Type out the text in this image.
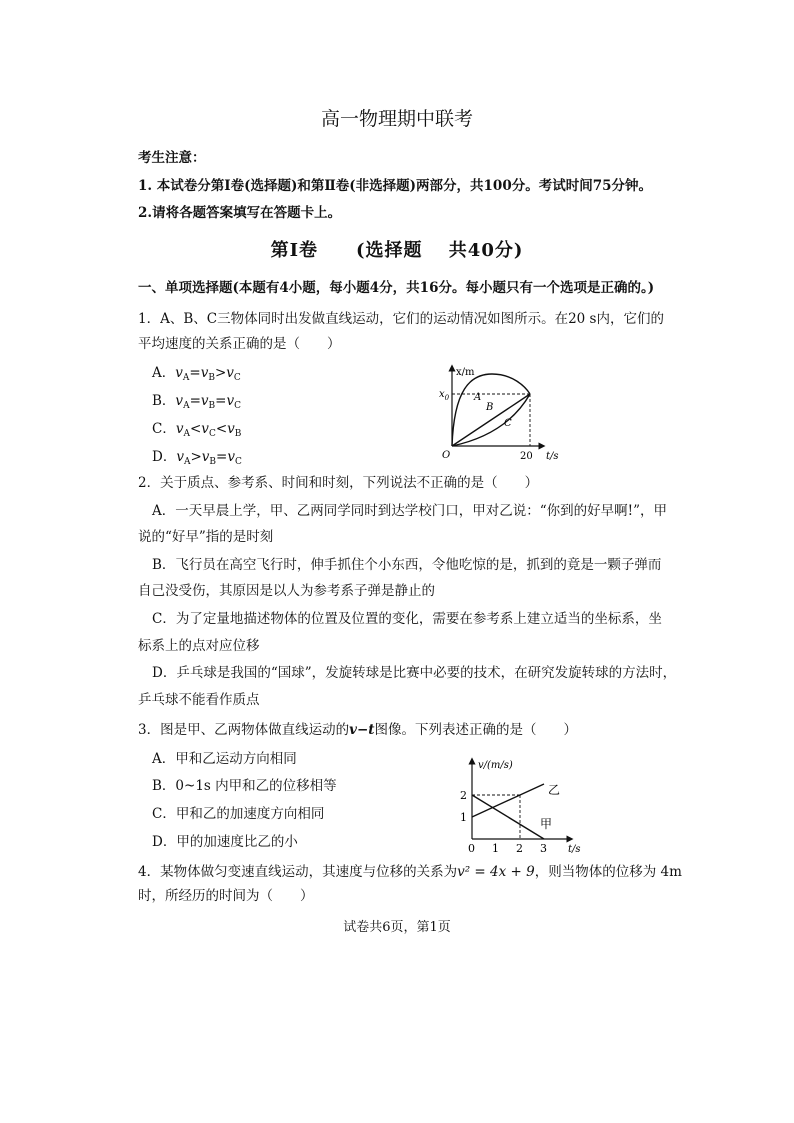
高一物理期中联考
考生注意：
1. 本试卷分第Ⅰ卷(选择题)和第Ⅱ卷(非选择题)两部分，共100分。考试时间75分钟。
2.请将各题答案填写在答题卡上。
第Ⅰ卷　　(选择题　 共40分)
一、单项选择题(本题有4小题，每小题4分，共16分。每小题只有一个选项是正确的。)
1．A、B、C三物体同时出发做直线运动，它们的运动情况如图所示。在20 s内，它们的
平均速度的关系正确的是（　　）
A．$v_A=v_B>v_C$
B．$v_A=v_B=v_C$
C．$v_A<v_C<v_B$
D．$v_A>v_B=v_C$
x/m
$x_0$ A
B
C
O	20 t/s
2．关于质点、参考系、时间和时刻，下列说法不正确的是（　　）
A．一天早晨上学，甲、乙两同学同时到达学校门口，甲对乙说：“你到的好早啊!”，甲
说的“好早”指的是时刻
B．飞行员在高空飞行时，伸手抓住个小东西，令他吃惊的是，抓到的竟是一颗子弹而
自己没受伤，其原因是以人为参考系子弹是静止的
C．为了定量地描述物体的位置及位置的变化，需要在参考系上建立适当的坐标系，坐
标系上的点对应位移
D．乒乓球是我国的“国球”，发旋转球是比赛中必要的技术，在研究发旋转球的方法时，
乒乓球不能看作质点
3．图是甲、乙两物体做直线运动的v−t图像。下列表述正确的是（　　）
A．甲和乙运动方向相同
B．0~1s 内甲和乙的位移相等
C．甲和乙的加速度方向相同
D．甲的加速度比乙的小
v/(m/s)
1
2
0 1 2 3 t/s
乙
甲
4．某物体做匀变速直线运动，其速度与位移的关系为v² = 4x + 9，则当物体的位移为 4m
时，所经历的时间为（　　）
试卷共6页，第1页
